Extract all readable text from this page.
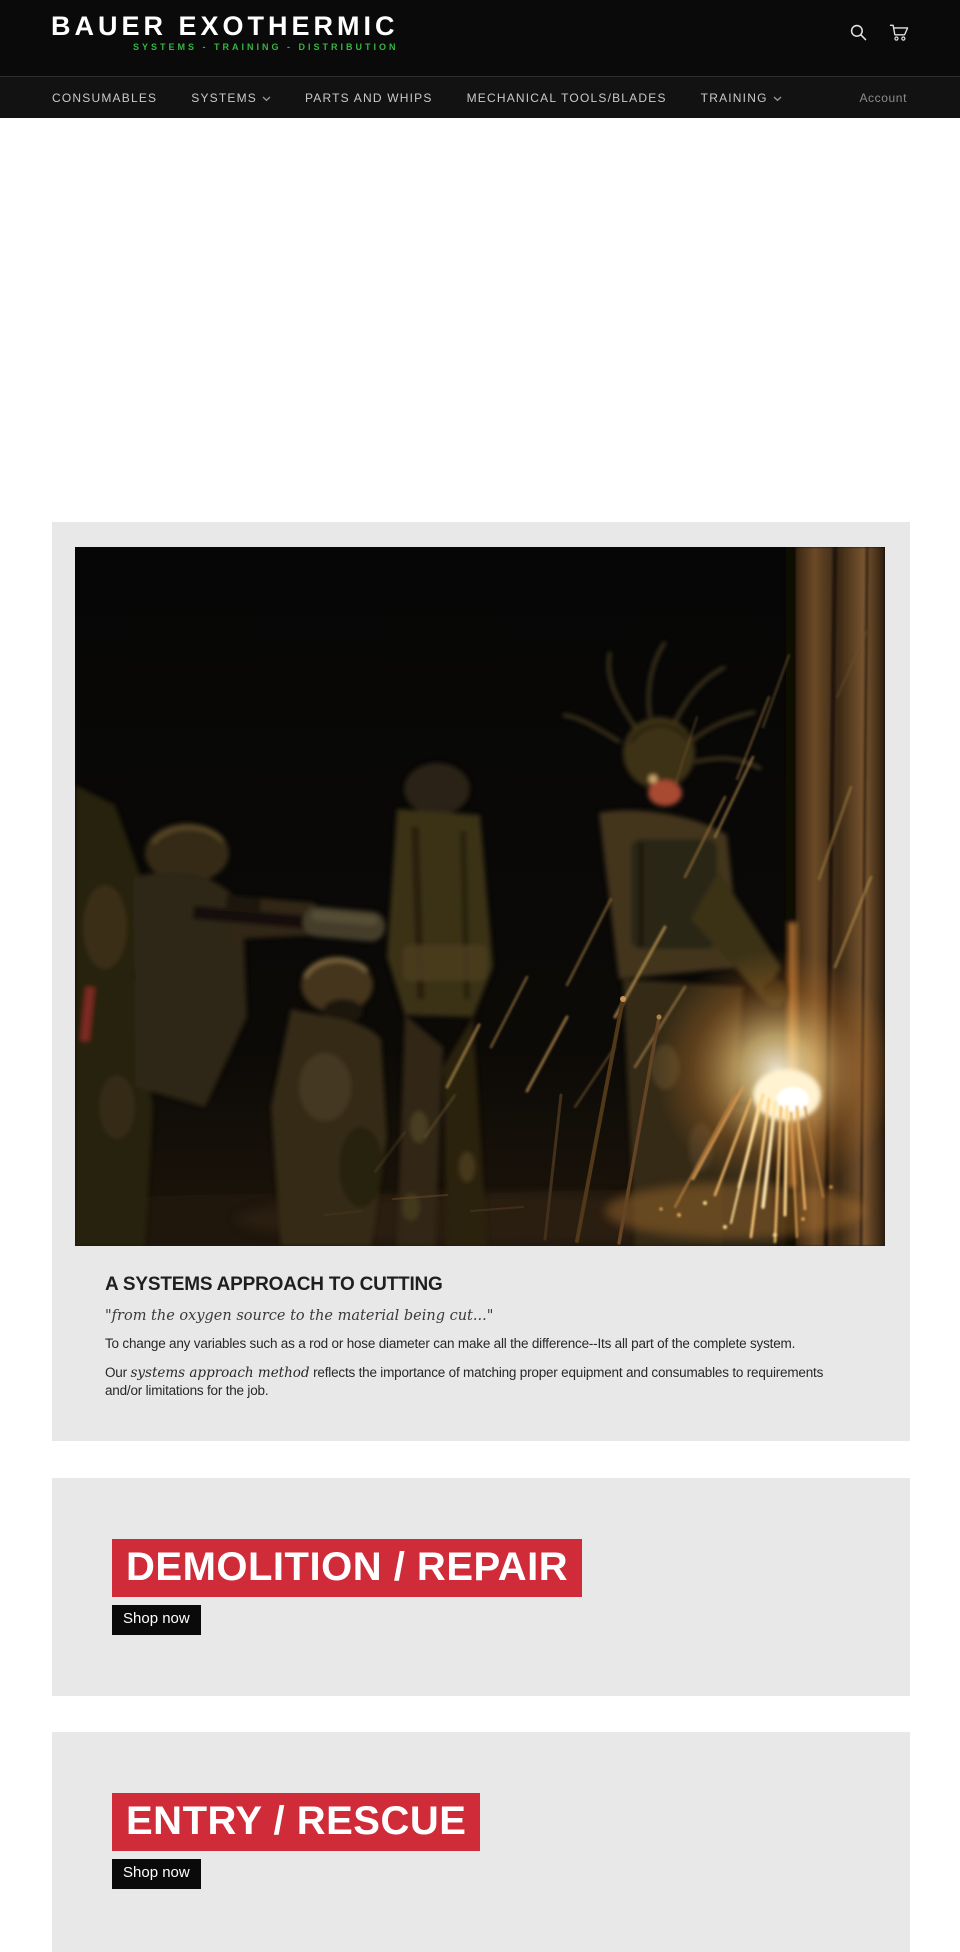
BAUER EXOTHERMIC
SYSTEMS - TRAINING - DISTRIBUTION
CONSUMABLES	SYSTEMS	PARTS AND WHIPS	MECHANICAL TOOLS/BLADES	TRAINING	Account
A SYSTEMS APPROACH TO CUTTING

"from the oxygen source to the material being cut..."

To change any variables such as a rod or hose diameter can make all the difference--Its all part of the complete system.

Our systems approach method reflects the importance of matching proper equipment and consumables to requirements and/or limitations for the job.

DEMOLITION / REPAIR
Shop now
ENTRY / RESCUE
Shop now
